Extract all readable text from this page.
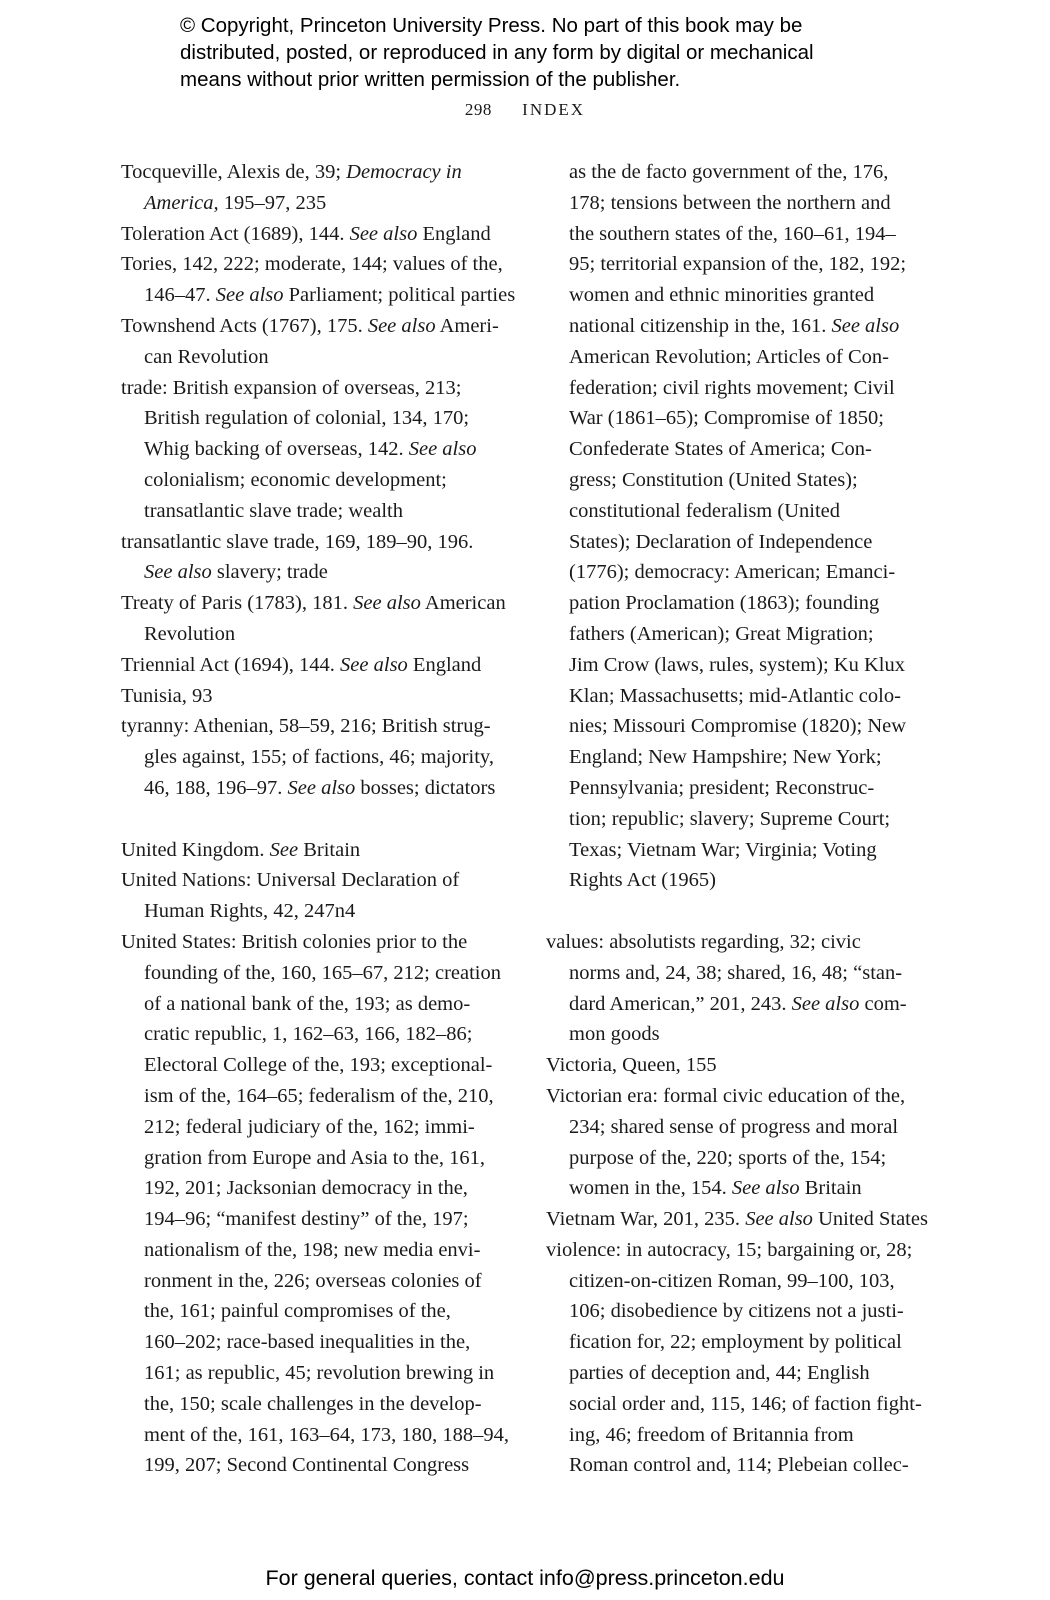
© Copyright, Princeton University Press. No part of this book may be
distributed, posted, or reproduced in any form by digital or mechanical
means without prior written permission of the publisher.
298 INDEX
Tocqueville, Alexis de, 39; Democracy in
America, 195–97, 235
Toleration Act (1689), 144. See also England
Tories, 142, 222; moderate, 144; values of the,
146–47. See also Parliament; political parties
Townshend Acts (1767), 175. See also Ameri-
can Revolution
trade: British expansion of overseas, 213;
British regulation of colonial, 134, 170;
Whig backing of overseas, 142. See also
colonialism; economic development;
transatlantic slave trade; wealth
transatlantic slave trade, 169, 189–90, 196.
See also slavery; trade
Treaty of Paris (1783), 181. See also American
Revolution
Triennial Act (1694), 144. See also England
Tunisia, 93
tyranny: Athenian, 58–59, 216; British strug-
gles against, 155; of factions, 46; majority,
46, 188, 196–97. See also bosses; dictators
United Kingdom. See Britain
United Nations: Universal Declaration of
Human Rights, 42, 247n4
United States: British colonies prior to the
founding of the, 160, 165–67, 212; creation
of a national bank of the, 193; as demo-
cratic republic, 1, 162–63, 166, 182–86;
Electoral College of the, 193; exceptional-
ism of the, 164–65; federalism of the, 210,
212; federal judiciary of the, 162; immi-
gration from Europe and Asia to the, 161,
192, 201; Jacksonian democracy in the,
194–96; “manifest destiny” of the, 197;
nationalism of the, 198; new media envi-
ronment in the, 226; overseas colonies of
the, 161; painful compromises of the,
160–202; race-based inequalities in the,
161; as republic, 45; revolution brewing in
the, 150; scale challenges in the develop-
ment of the, 161, 163–64, 173, 180, 188–94,
199, 207; Second Continental Congress
as the de facto government of the, 176,
178; tensions between the northern and
the southern states of the, 160–61, 194–
95; territorial expansion of the, 182, 192;
women and ethnic minorities granted
national citizenship in the, 161. See also
American Revolution; Articles of Con-
federation; civil rights movement; Civil
War (1861–65); Compromise of 1850;
Confederate States of America; Con-
gress; Constitution (United States);
constitutional federalism (United
States); Declaration of Independence
(1776); democracy: American; Emanci-
pation Proclamation (1863); founding
fathers (American); Great Migration;
Jim Crow (laws, rules, system); Ku Klux
Klan; Massachusetts; mid-Atlantic colo-
nies; Missouri Compromise (1820); New
England; New Hampshire; New York;
Pennsylvania; president; Reconstruc-
tion; republic; slavery; Supreme Court;
Texas; Vietnam War; Virginia; Voting
Rights Act (1965)
values: absolutists regarding, 32; civic
norms and, 24, 38; shared, 16, 48; “stan-
dard American,” 201, 243. See also com-
mon goods
Victoria, Queen, 155
Victorian era: formal civic education of the,
234; shared sense of progress and moral
purpose of the, 220; sports of the, 154;
women in the, 154. See also Britain
Vietnam War, 201, 235. See also United States
violence: in autocracy, 15; bargaining or, 28;
citizen-on-citizen Roman, 99–100, 103,
106; disobedience by citizens not a justi-
fication for, 22; employment by political
parties of deception and, 44; English
social order and, 115, 146; of faction fight-
ing, 46; freedom of Britannia from
Roman control and, 114; Plebeian collec-
For general queries, contact info@press.princeton.edu
